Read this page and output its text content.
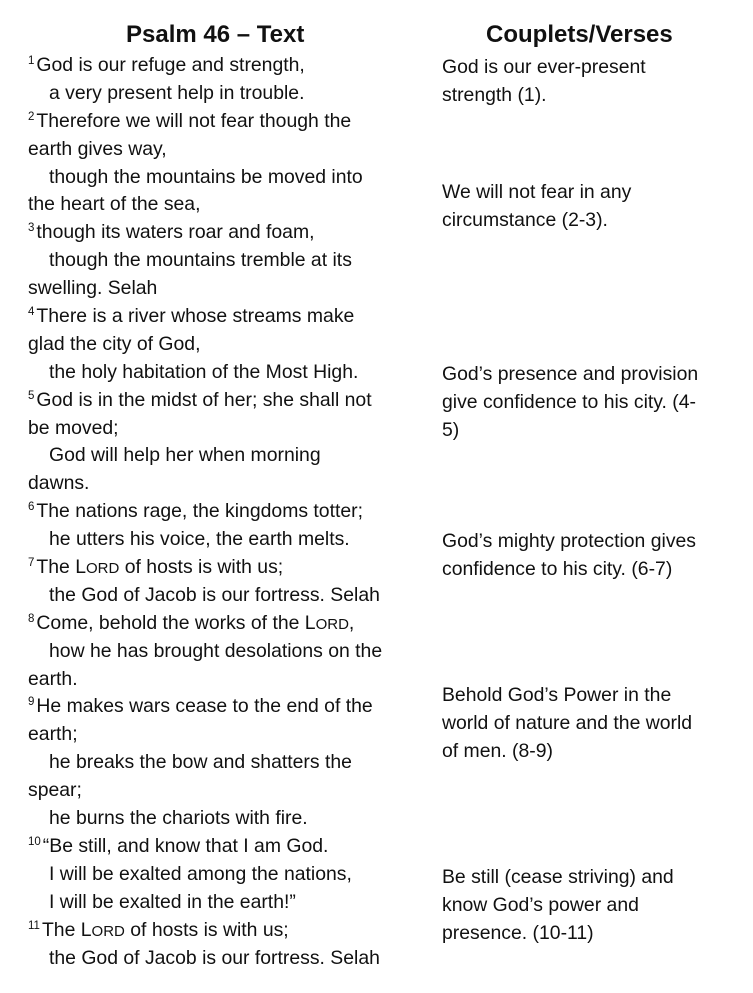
Psalm 46 – Text	Couplets/Verses
$^1$ God is our refuge and strength,
a very present help in trouble.
$^2$ Therefore we will not fear though the
earth gives way,
though the mountains be moved into
the heart of the sea,
$^3$ though its waters roar and foam,
though the mountains tremble at its
swelling. Selah
$^4$ There is a river whose streams make
glad the city of God,
the holy habitation of the Most High.
$^5$ God is in the midst of her; she shall not
be moved;
God will help her when morning
dawns.
$^6$ The nations rage, the kingdoms totter;
he utters his voice, the earth melts.
$^7$ The LORD of hosts is with us;
the God of Jacob is our fortress. Selah
$^8$ Come, behold the works of the LORD,
how he has brought desolations on the
earth.
$^9$ He makes wars cease to the end of the
earth;
he breaks the bow and shatters the
spear;
he burns the chariots with fire.
$^{10}$ “Be still, and know that I am God.
I will be exalted among the nations,
I will be exalted in the earth!”
$^{11}$ The LORD of hosts is with us;
the God of Jacob is our fortress. Selah
God is our ever-present
strength (1).
We will not fear in any
circumstance (2-3).
God’s presence and provision
give confidence to his city. (4-
5)
God’s mighty protection gives
confidence to his city. (6-7)
Behold God’s Power in the
world of nature and the world
of men. (8-9)
Be still (cease striving) and
know God’s power and
presence. (10-11)
